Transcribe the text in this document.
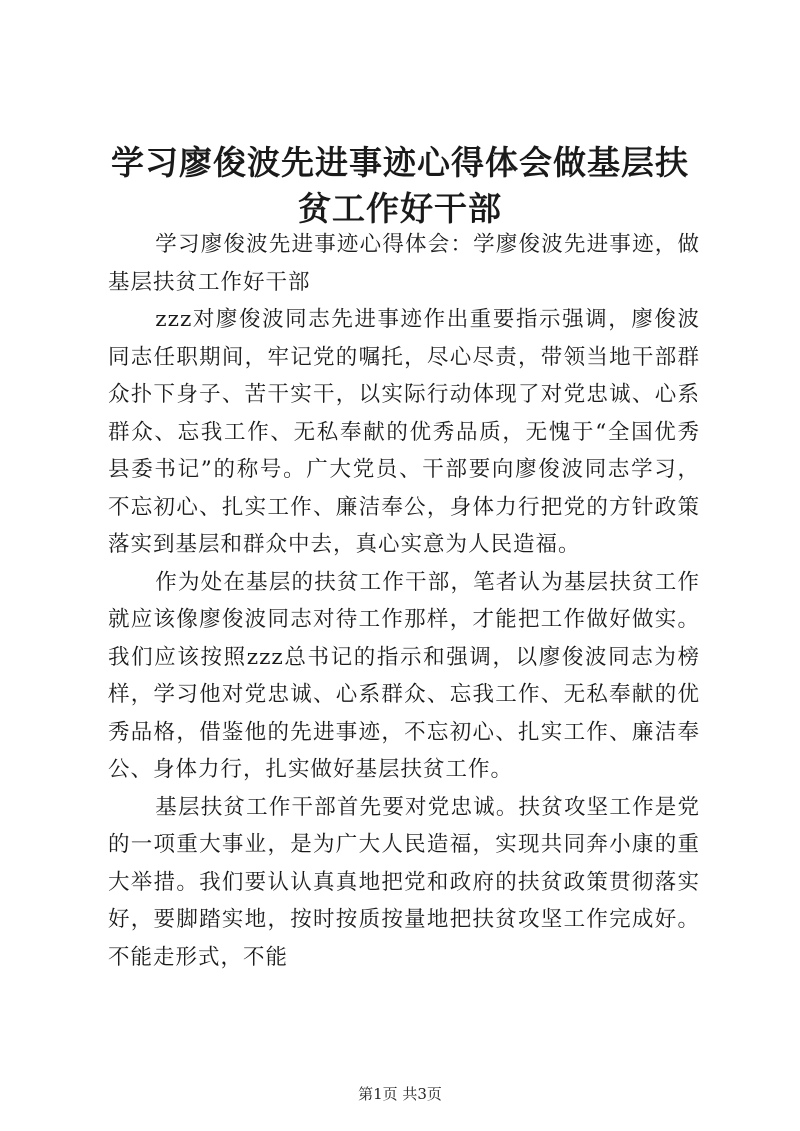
学习廖俊波先进事迹心得体会做基层扶贫工作好干部

学习廖俊波先进事迹心得体会：学廖俊波先进事迹，做基层扶贫工作好干部

zzz对廖俊波同志先进事迹作出重要指示强调，廖俊波同志任职期间，牢记党的嘱托，尽心尽责，带领当地干部群众扑下身子、苦干实干，以实际行动体现了对党忠诚、心系群众、忘我工作、无私奉献的优秀品质，无愧于“全国优秀县委书记”的称号。广大党员、干部要向廖俊波同志学习，不忘初心、扎实工作、廉洁奉公，身体力行把党的方针政策落实到基层和群众中去，真心实意为人民造福。

作为处在基层的扶贫工作干部，笔者认为基层扶贫工作就应该像廖俊波同志对待工作那样，才能把工作做好做实。我们应该按照zzz总书记的指示和强调，以廖俊波同志为榜样，学习他对党忠诚、心系群众、忘我工作、无私奉献的优秀品格，借鉴他的先进事迹，不忘初心、扎实工作、廉洁奉公、身体力行，扎实做好基层扶贫工作。

基层扶贫工作干部首先要对党忠诚。扶贫攻坚工作是党的一项重大事业，是为广大人民造福，实现共同奔小康的重大举措。我们要认认真真地把党和政府的扶贫政策贯彻落实好，要脚踏实地，按时按质按量地把扶贫攻坚工作完成好。不能走形式，不能

第1页 共3页
